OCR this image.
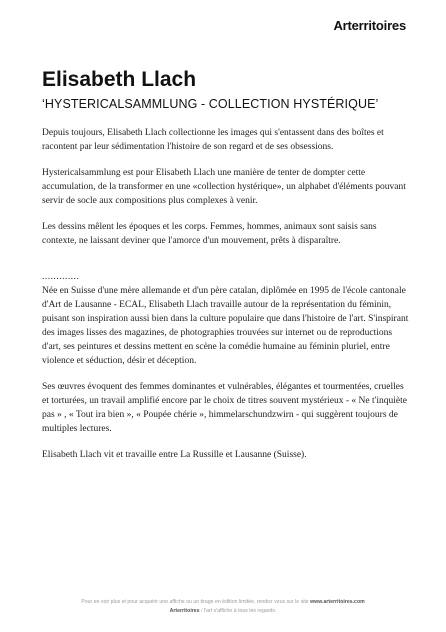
Arterritoires
Elisabeth Llach
‘HYSTERICALSAMMLUNG - COLLECTION HYSTÉRIQUE’

Depuis toujours, Elisabeth Llach collectionne les images qui s'entassent dans des boîtes et racontent par leur sédimentation l'histoire de son regard et de ses obsessions.

Hystericalsammlung est pour Elisabeth Llach une manière de tenter de dompter cette accumulation, de la transformer en une «collection hystérique», un alphabet d'éléments pouvant servir de socle aux compositions plus complexes à venir.

Les dessins mêlent les époques et les corps. Femmes, hommes, animaux sont saisis sans contexte, ne laissant deviner que l'amorce d'un mouvement, prêts à disparaître.

.............

Née en Suisse d'une mère allemande et d'un père catalan, diplômée en 1995 de l'école cantonale d'Art de Lausanne - ECAL, Elisabeth Llach travaille autour de la représentation du féminin, puisant son inspiration aussi bien dans la culture populaire que dans l'histoire de l'art. S'inspirant des images lisses des magazines, de photographies trouvées sur internet ou de reproductions d'art, ses peintures et dessins mettent en scène la comédie humaine au féminin pluriel, entre violence et séduction, désir et déception.

Ses œuvres évoquent des femmes dominantes et vulnérables, élégantes et tourmentées, cruelles et torturées, un travail amplifié encore par le choix de titres souvent mystérieux - « Ne t'inquiète pas » , « Tout ira bien », « Poupée chérie », himmelarschundzwirn - qui suggèrent toujours de multiples lectures.

Elisabeth Llach vit et travaille entre La Russille et Lausanne (Suisse).

Pour en voir plus et pour acquérir une affiche ou un tirage en édition limitée, rendez vous sur le site www.arterritoires.com
Arterritoires / l'art s'affiche à tous les regards.
